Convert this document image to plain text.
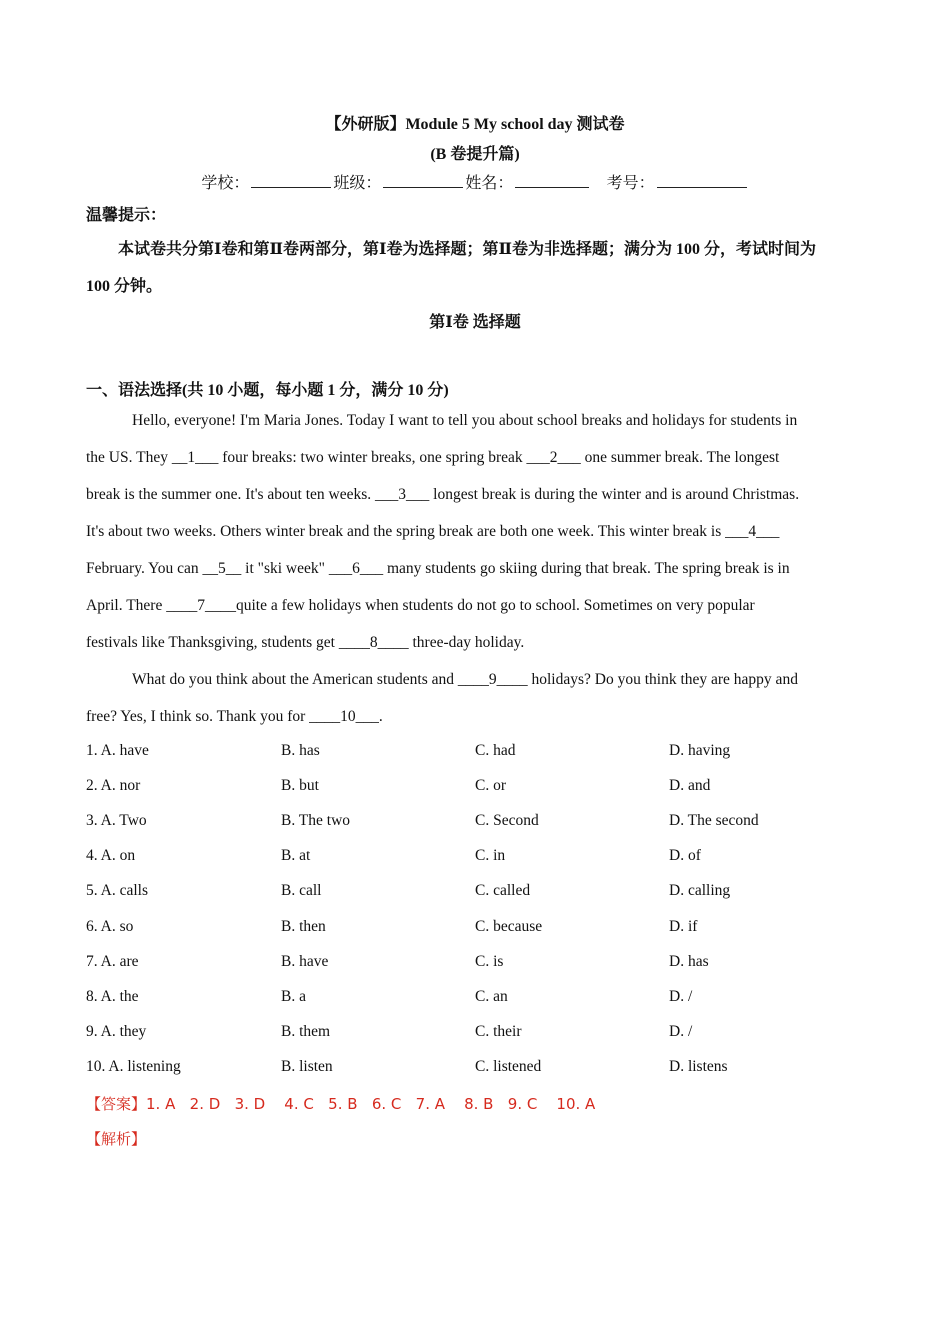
【外研版】Module 5 My school day 测试卷
(B 卷提升篇)
学校：	班级：	姓名：	考号：
温馨提示：
本试卷共分第Ⅰ卷和第Ⅱ卷两部分，第Ⅰ卷为选择题；第Ⅱ卷为非选择题；满分为 100 分，考试时间为
100 分钟。
第Ⅰ卷 选择题
一、语法选择(共 10 小题，每小题 1 分，满分 10 分)
Hello, everyone! I'm Maria Jones. Today I want to tell you about school breaks and holidays for students in
the US. They __1___ four breaks: two winter breaks, one spring break ___2___ one summer break. The longest
break is the summer one. It's about ten weeks. ___3___ longest break is during the winter and is around Christmas.
It's about two weeks. Others winter break and the spring break are both one week. This winter break is ___4___
February. You can __5__ it "ski week" ___6___ many students go skiing during that break. The spring break is in
April. There ____7____quite a few holidays when students do not go to school. Sometimes on very popular
festivals like Thanksgiving, students get ____8____ three-day holiday.
What do you think about the American students and ____9____ holidays? Do you think they are happy and
free? Yes, I think so. Thank you for ____10___.
1. A. have	B. has	C. had	D. having
2. A. nor	B. but	C. or	D. and
3. A. Two	B. The two	C. Second	D. The second
4. A. on	B. at	C. in	D. of
5. A. calls	B. call	C. called	D. calling
6. A. so	B. then	C. because	D. if
7. A. are	B. have	C. is	D. has
8. A. the	B. a	C. an	D. /
9. A. they	B. them	C. their	D. /
10. A. listening	B. listen	C. listened	D. listens
【答案】1. A   2. D   3. D    4. C   5. B   6. C   7. A    8. B   9. C    10. A
【解析】
